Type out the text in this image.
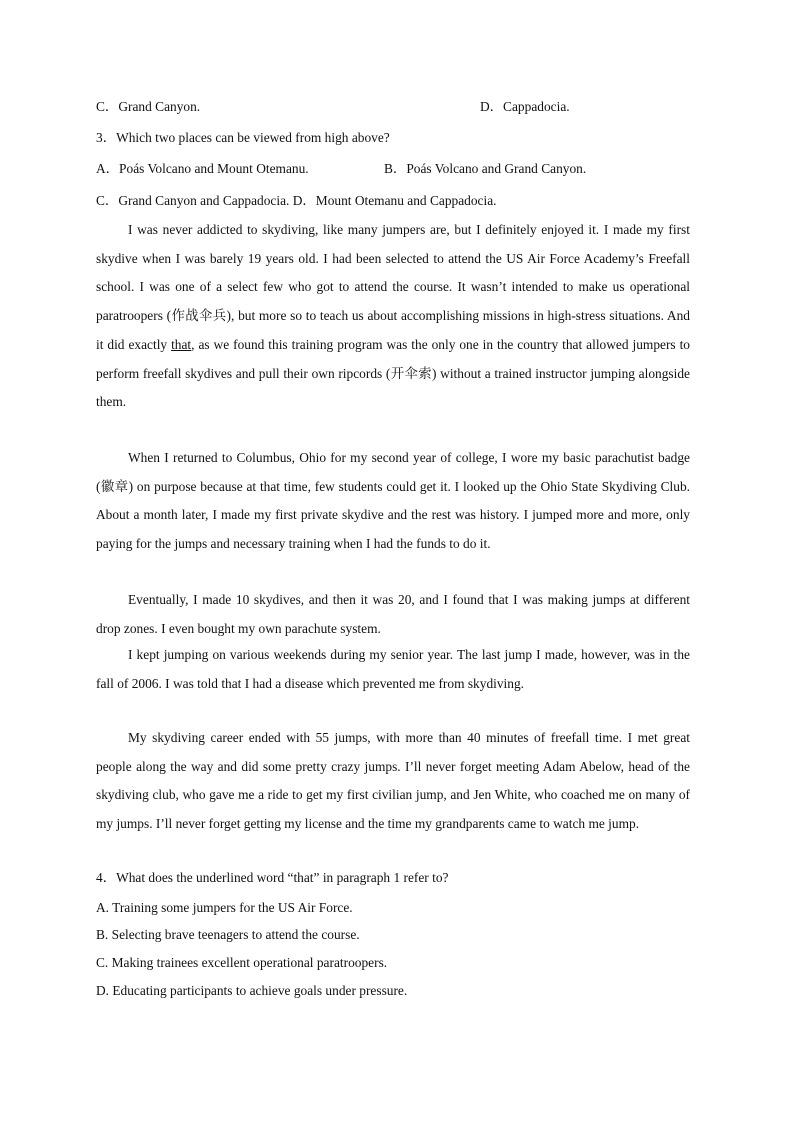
C．Grand Canyon.	D．Cappadocia.
3．Which two places can be viewed from high above?
A．Poás Volcano and Mount Otemanu.	B．Poás Volcano and Grand Canyon.
C．Grand Canyon and Cappadocia. D．Mount Otemanu and Cappadocia.

I was never addicted to skydiving, like many jumpers are, but I definitely enjoyed it. I made my first skydive when I was barely 19 years old. I had been selected to attend the US Air Force Academy’s Freefall school. I was one of a select few who got to attend the course. It wasn’t intended to make us operational paratroopers (作战伞兵), but more so to teach us about accomplishing missions in high-stress situations. And it did exactly that, as we found this training program was the only one in the country that allowed jumpers to perform freefall skydives and pull their own ripcords (开伞索) without a trained instructor jumping alongside them.

When I returned to Columbus, Ohio for my second year of college, I wore my basic parachutist badge (徽章) on purpose because at that time, few students could get it. I looked up the Ohio State Skydiving Club. About a month later, I made my first private skydive and the rest was history. I jumped more and more, only paying for the jumps and necessary training when I had the funds to do it.

Eventually, I made 10 skydives, and then it was 20, and I found that I was making jumps at different drop zones. I even bought my own parachute system.

I kept jumping on various weekends during my senior year. The last jump I made, however, was in the fall of 2006. I was told that I had a disease which prevented me from skydiving.

My skydiving career ended with 55 jumps, with more than 40 minutes of freefall time. I met great people along the way and did some pretty crazy jumps. I’ll never forget meeting Adam Abelow, head of the skydiving club, who gave me a ride to get my first civilian jump, and Jen White, who coached me on many of my jumps. I’ll never forget getting my license and the time my grandparents came to watch me jump.

4．What does the underlined word “that” in paragraph 1 refer to?
A. Training some jumpers for the US Air Force.
B. Selecting brave teenagers to attend the course.
C. Making trainees excellent operational paratroopers.
D. Educating participants to achieve goals under pressure.
